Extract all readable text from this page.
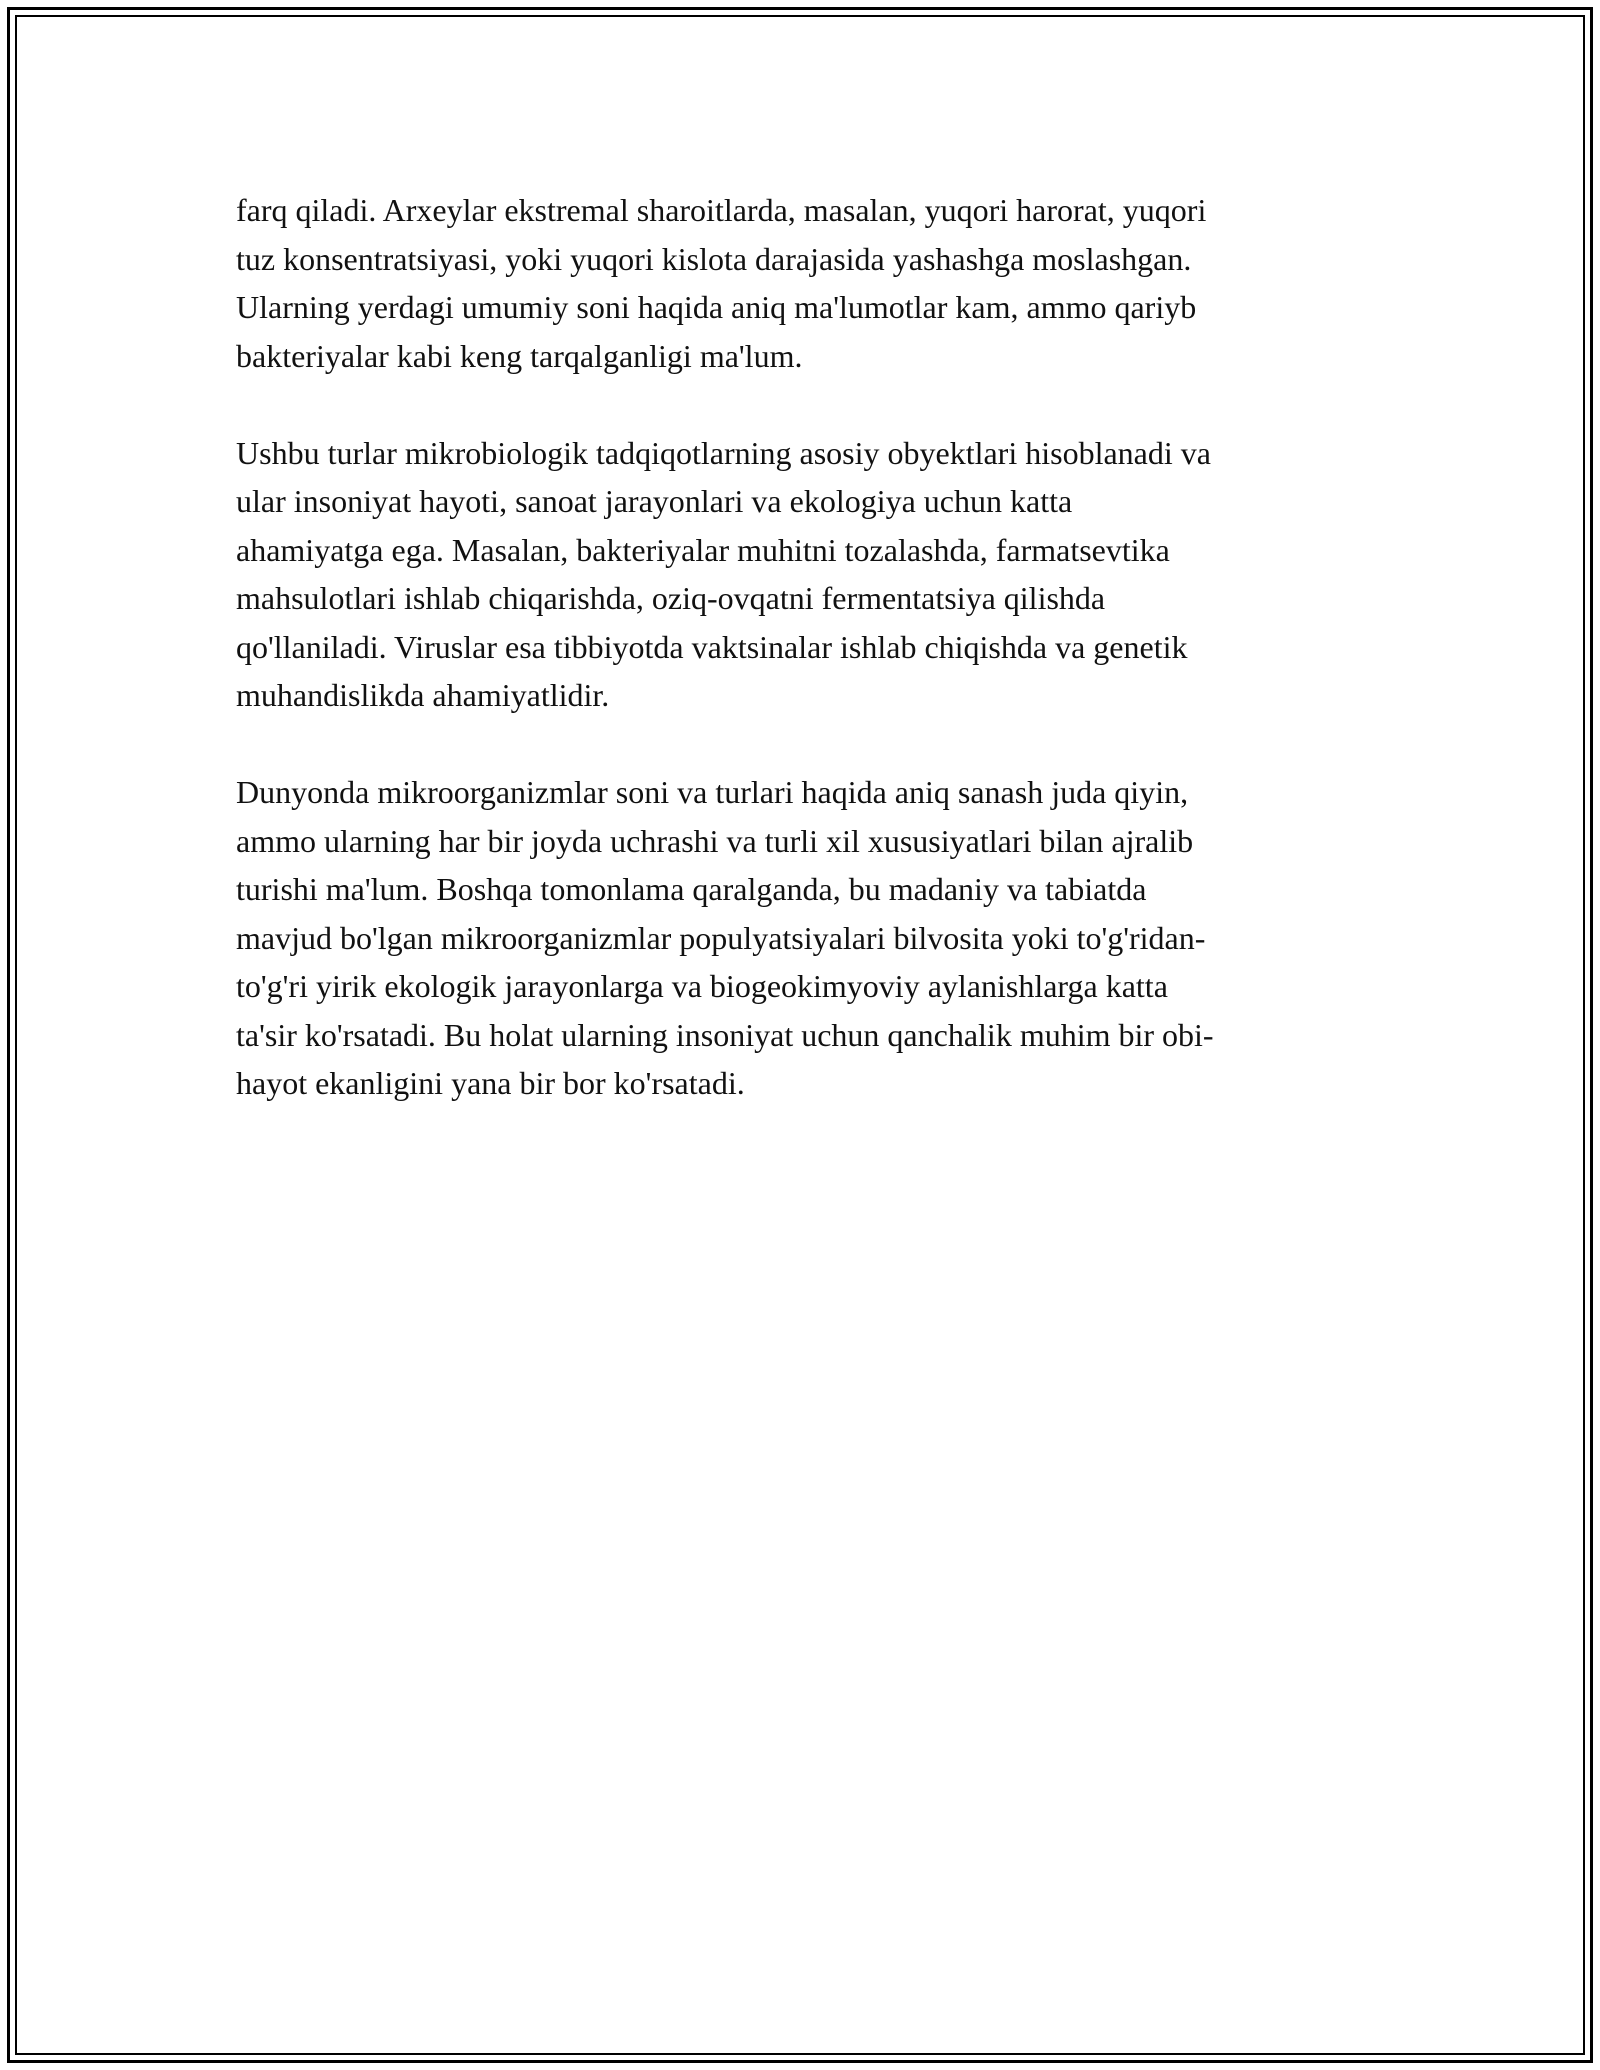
farq qiladi. Arxeylar ekstremal sharoitlarda, masalan, yuqori harorat, yuqori
tuz konsentratsiyasi, yoki yuqori kislota darajasida yashashga moslashgan.
Ularning yerdagi umumiy soni haqida aniq ma'lumotlar kam, ammo qariyb
bakteriyalar kabi keng tarqalganligi ma'lum.

Ushbu turlar mikrobiologik tadqiqotlarning asosiy obyektlari hisoblanadi va
ular insoniyat hayoti, sanoat jarayonlari va ekologiya uchun katta
ahamiyatga ega. Masalan, bakteriyalar muhitni tozalashda, farmatsevtika
mahsulotlari ishlab chiqarishda, oziq-ovqatni fermentatsiya qilishda
qo'llaniladi. Viruslar esa tibbiyotda vaktsinalar ishlab chiqishda va genetik
muhandislikda ahamiyatlidir.

Dunyonda mikroorganizmlar soni va turlari haqida aniq sanash juda qiyin,
ammo ularning har bir joyda uchrashi va turli xil xususiyatlari bilan ajralib
turishi ma'lum. Boshqa tomonlama qaralganda, bu madaniy va tabiatda
mavjud bo'lgan mikroorganizmlar populyatsiyalari bilvosita yoki to'g'ridan-
to'g'ri yirik ekologik jarayonlarga va biogeokimyoviy aylanishlarga katta
ta'sir ko'rsatadi. Bu holat ularning insoniyat uchun qanchalik muhim bir obi-
hayot ekanligini yana bir bor ko'rsatadi.
